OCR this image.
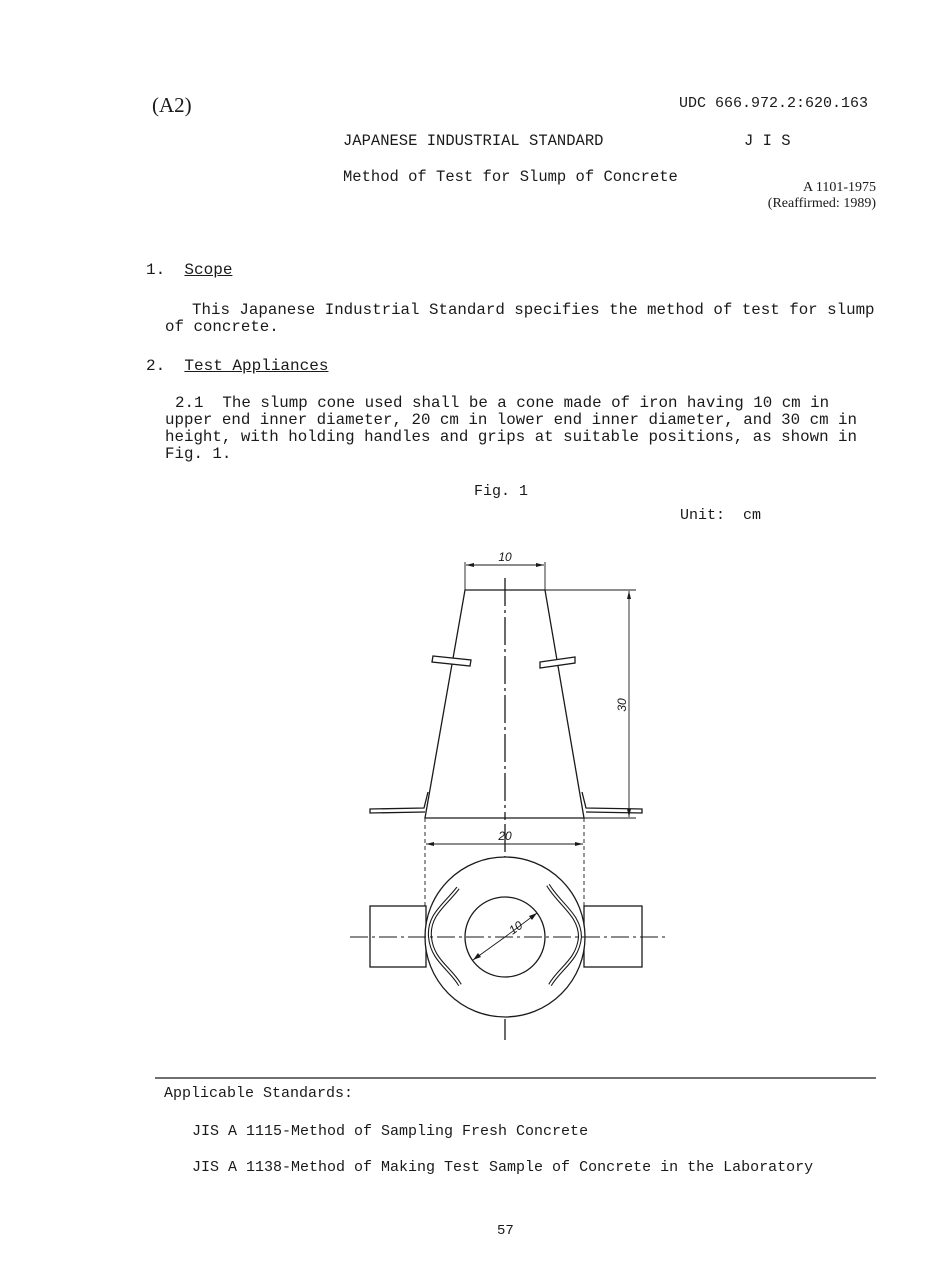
(A2)	UDC 666.972.2:620.163
JAPANESE INDUSTRIAL STANDARD	J I S
Method of Test for Slump of Concrete
A 1101-1975
(Reaffirmed: 1989)
1. Scope
This Japanese Industrial Standard specifies the method of test for slump
of concrete.
2. Test Appliances
2.1  The slump cone used shall be a cone made of iron having 10 cm in
upper end inner diameter, 20 cm in lower end inner diameter, and 30 cm in
height, with holding handles and grips at suitable positions, as shown in
Fig. 1.
Fig. 1
Unit:  cm
10
20
30
10
Applicable Standards:
JIS A 1115-Method of Sampling Fresh Concrete
JIS A 1138-Method of Making Test Sample of Concrete in the Laboratory
57
